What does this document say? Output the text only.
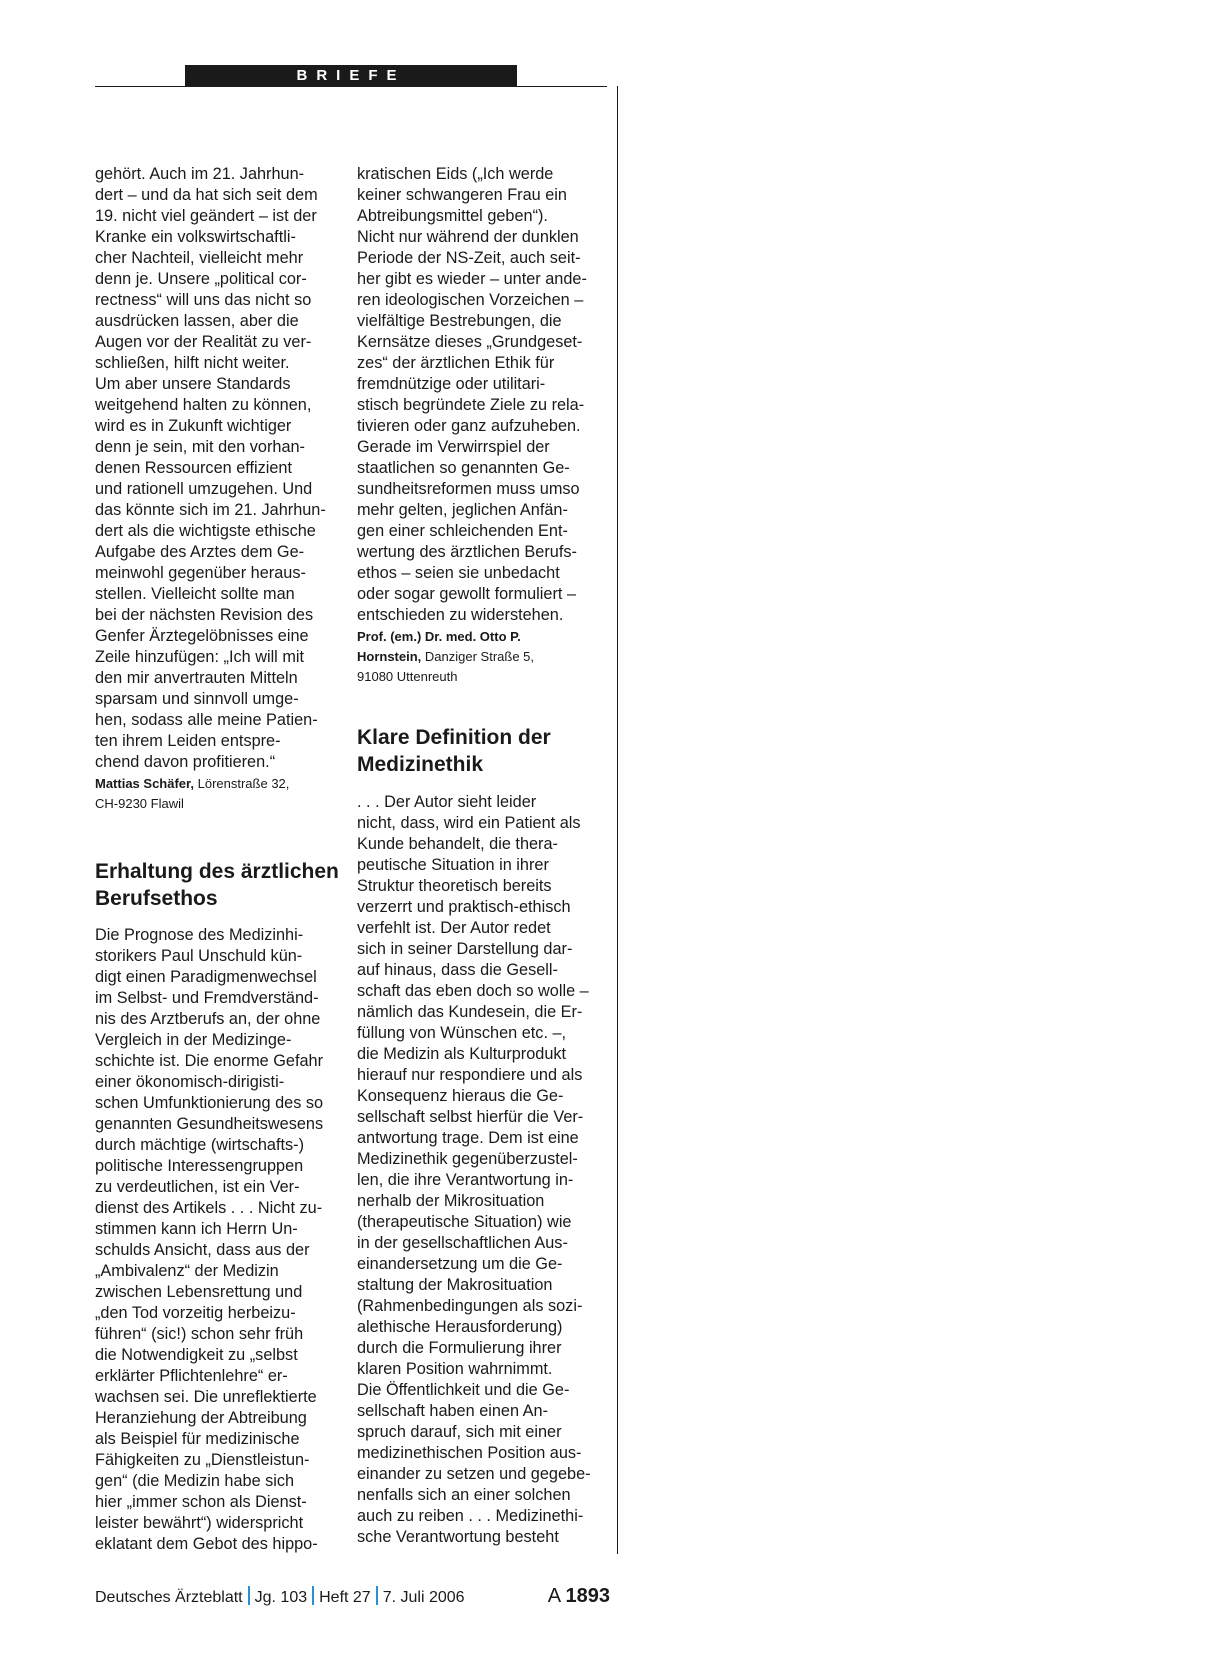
BRIEFE

gehört. Auch im 21. Jahrhun-

dert – und da hat sich seit dem

19. nicht viel geändert – ist der

Kranke ein volkswirtschaftli-

cher Nachteil, vielleicht mehr

denn je. Unsere „political cor-

rectness“ will uns das nicht so

ausdrücken lassen, aber die

Augen vor der Realität zu ver-

schließen, hilft nicht weiter.

Um aber unsere Standards

weitgehend halten zu können,

wird es in Zukunft wichtiger

denn je sein, mit den vorhan-

denen Ressourcen effizient

und rationell umzugehen. Und

das könnte sich im 21. Jahrhun-

dert als die wichtigste ethische

Aufgabe des Arztes dem Ge-

meinwohl gegenüber heraus-

stellen. Vielleicht sollte man

bei der nächsten Revision des

Genfer Ärztegelöbnisses eine

Zeile hinzufügen: „Ich will mit

den mir anvertrauten Mitteln

sparsam und sinnvoll umge-

hen, sodass alle meine Patien-

ten ihrem Leiden entspre-

chend davon profitieren.“

Mattias Schäfer, Lörenstraße 32,
CH-9230 Flawil
Erhaltung des ärztlichen
Berufsethos

Die Prognose des Medizinhi-

storikers Paul Unschuld kün-

digt einen Paradigmenwechsel

im Selbst- und Fremdverständ-

nis des Arztberufs an, der ohne

Vergleich in der Medizinge-

schichte ist. Die enorme Gefahr

einer ökonomisch-dirigisti-

schen Umfunktionierung des so

genannten Gesundheitswesens

durch mächtige (wirtschafts-)

politische Interessengruppen

zu verdeutlichen, ist ein Ver-

dienst des Artikels . . . Nicht zu-

stimmen kann ich Herrn Un-

schulds Ansicht, dass aus der

„Ambivalenz“ der Medizin

zwischen Lebensrettung und

„den Tod vorzeitig herbeizu-

führen“ (sic!) schon sehr früh

die Notwendigkeit zu „selbst

erklärter Pflichtenlehre“ er-

wachsen sei. Die unreflektierte

Heranziehung der Abtreibung

als Beispiel für medizinische

Fähigkeiten zu „Dienstleistun-

gen“ (die Medizin habe sich

hier „immer schon als Dienst-

leister bewährt“) widerspricht

eklatant dem Gebot des hippo-

kratischen Eids („Ich werde

keiner schwangeren Frau ein

Abtreibungsmittel geben“).

Nicht nur während der dunklen

Periode der NS-Zeit, auch seit-

her gibt es wieder – unter ande-

ren ideologischen Vorzeichen –

vielfältige Bestrebungen, die

Kernsätze dieses „Grundgeset-

zes“ der ärztlichen Ethik für

fremdnützige oder utilitari-

stisch begründete Ziele zu rela-

tivieren oder ganz aufzuheben.

Gerade im Verwirrspiel der

staatlichen so genannten Ge-

sundheitsreformen muss umso

mehr gelten, jeglichen Anfän-

gen einer schleichenden Ent-

wertung des ärztlichen Berufs-

ethos – seien sie unbedacht

oder sogar gewollt formuliert –

entschieden zu widerstehen.

Prof. (em.) Dr. med. Otto P.
Hornstein, Danziger Straße 5,
91080 Uttenreuth
Klare Definition der
Medizinethik

. . . Der Autor sieht leider

nicht, dass, wird ein Patient als

Kunde behandelt, die thera-

peutische Situation in ihrer

Struktur theoretisch bereits

verzerrt und praktisch-ethisch

verfehlt ist. Der Autor redet

sich in seiner Darstellung dar-

auf hinaus, dass die Gesell-

schaft das eben doch so wolle –

nämlich das Kundesein, die Er-

füllung von Wünschen etc. –,

die Medizin als Kulturprodukt

hierauf nur respondiere und als

Konsequenz hieraus die Ge-

sellschaft selbst hierfür die Ver-

antwortung trage. Dem ist eine

Medizinethik gegenüberzustel-

len, die ihre Verantwortung in-

nerhalb der Mikrosituation

(therapeutische Situation) wie

in der gesellschaftlichen Aus-

einandersetzung um die Ge-

staltung der Makrosituation

(Rahmenbedingungen als sozi-

alethische Herausforderung)

durch die Formulierung ihrer

klaren Position wahrnimmt.

Die Öffentlichkeit und die Ge-

sellschaft haben einen An-

spruch darauf, sich mit einer

medizinethischen Position aus-

einander zu setzen und gegebe-

nenfalls sich an einer solchen

auch zu reiben . . . Medizinethi-

sche Verantwortung besteht

Deutsches Ärzteblatt Jg. 103 Heft 27 7. Juli 2006	A 1893
